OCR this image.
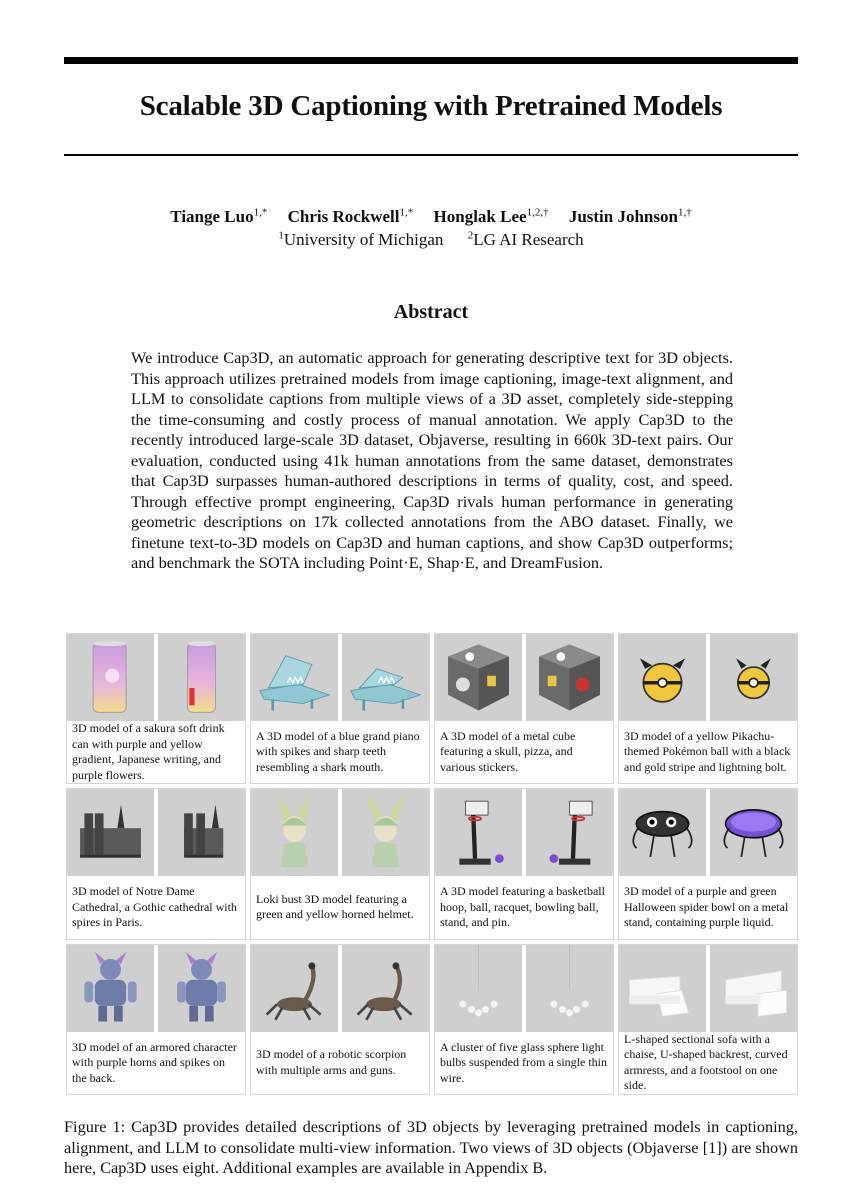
Scalable 3D Captioning with Pretrained Models
Tiange Luo$^{1,*}$ Chris Rockwell$^{1,*}$ Honglak Lee$^{1,2,\dagger}$ Justin Johnson$^{1,\dagger}$
$^1$University of Michigan $^2$LG AI Research
Abstract

We introduce Cap3D, an automatic approach for generating descriptive text for 3D objects. This approach utilizes pretrained models from image captioning, image-text alignment, and LLM to consolidate captions from multiple views of a 3D asset, completely side-stepping the time-consuming and costly process of manual annotation. We apply Cap3D to the recently introduced large-scale 3D dataset, Objaverse, resulting in 660k 3D-text pairs. Our evaluation, conducted using 41k human annotations from the same dataset, demonstrates that Cap3D surpasses human-authored descriptions in terms of quality, cost, and speed. Through effective prompt engineering, Cap3D rivals human performance in generating geometric descriptions on 17k collected annotations from the ABO dataset. Finally, we finetune text-to-3D models on Cap3D and human captions, and show Cap3D outperforms; and benchmark the SOTA including Point·E, Shap·E, and DreamFusion.

3D model of a sakura soft drink can with purple and yellow gradient, Japanese writing, and purple flowers.
A 3D model of a blue grand piano with spikes and sharp teeth resembling a shark mouth.
A 3D model of a metal cube featuring a skull, pizza, and various stickers.
3D model of a yellow Pikachu-themed Pokémon ball with a black and gold stripe and lightning bolt.
3D model of Notre Dame Cathedral, a Gothic cathedral with spires in Paris.
Loki bust 3D model featuring a green and yellow horned helmet.
A 3D model featuring a basketball hoop, ball, racquet, bowling ball, stand, and pin.
3D model of a purple and green Halloween spider bowl on a metal stand, containing purple liquid.
3D model of an armored character with purple horns and spikes on the back.
3D model of a robotic scorpion with multiple arms and guns.
A cluster of five glass sphere light bulbs suspended from a single thin wire.
L-shaped sectional sofa with a chaise, U-shaped backrest, curved armrests, and a footstool on one side.

Figure 1: Cap3D provides detailed descriptions of 3D objects by leveraging pretrained models in captioning, alignment, and LLM to consolidate multi-view information. Two views of 3D objects (Objaverse [1]) are shown here, Cap3D uses eight. Additional examples are available in Appendix B.
